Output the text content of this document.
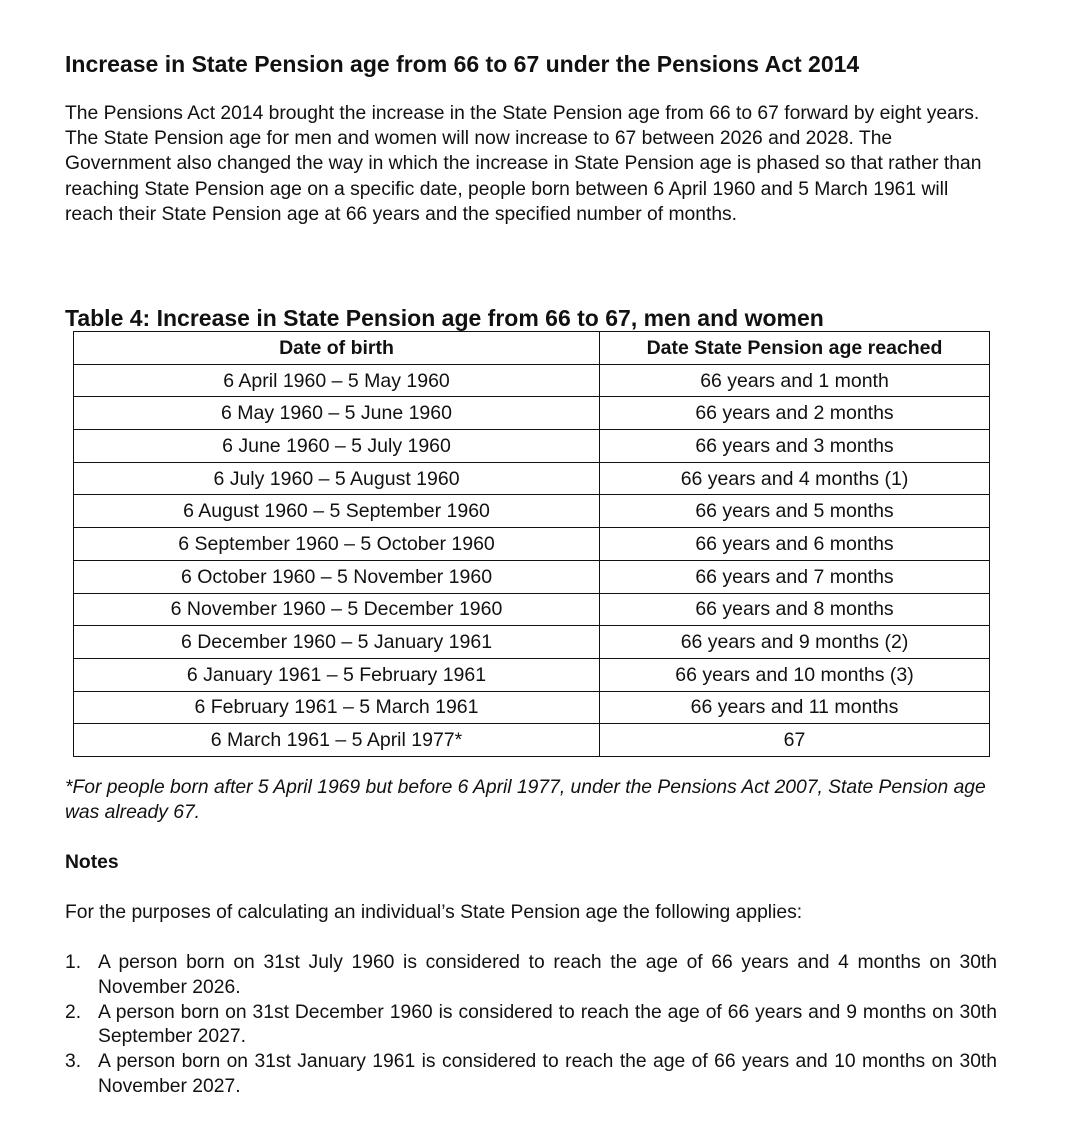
Increase in State Pension age from 66 to 67 under the Pensions Act 2014

The Pensions Act 2014 brought the increase in the State Pension age from 66 to 67 forward by eight years. The State Pension age for men and women will now increase to 67 between 2026 and 2028. The Government also changed the way in which the increase in State Pension age is phased so that rather than reaching State Pension age on a specific date, people born between 6 April 1960 and 5 March 1961 will reach their State Pension age at 66 years and the specified number of months.

Table 4: Increase in State Pension age from 66 to 67, men and women
Date of birth	Date State Pension age reached
6 April 1960 – 5 May 1960	66 years and 1 month
6 May 1960 – 5 June 1960	66 years and 2 months
6 June 1960 – 5 July 1960	66 years and 3 months
6 July 1960 – 5 August 1960	66 years and 4 months (1)
6 August 1960 – 5 September 1960	66 years and 5 months
6 September 1960 – 5 October 1960	66 years and 6 months
6 October 1960 – 5 November 1960	66 years and 7 months
6 November 1960 – 5 December 1960	66 years and 8 months
6 December 1960 – 5 January 1961	66 years and 9 months (2)
6 January 1961 – 5 February 1961	66 years and 10 months (3)
6 February 1961 – 5 March 1961	66 years and 11 months
6 March 1961 – 5 April 1977*	67

*For people born after 5 April 1969 but before 6 April 1977, under the Pensions Act 2007, State Pension age was already 67.

Notes

For the purposes of calculating an individual’s State Pension age the following applies:

1. A person born on 31st July 1960 is considered to reach the age of 66 years and 4 months on 30th November 2026.
2. A person born on 31st December 1960 is considered to reach the age of 66 years and 9 months on 30th September 2027.
3. A person born on 31st January 1961 is considered to reach the age of 66 years and 10 months on 30th November 2027.
